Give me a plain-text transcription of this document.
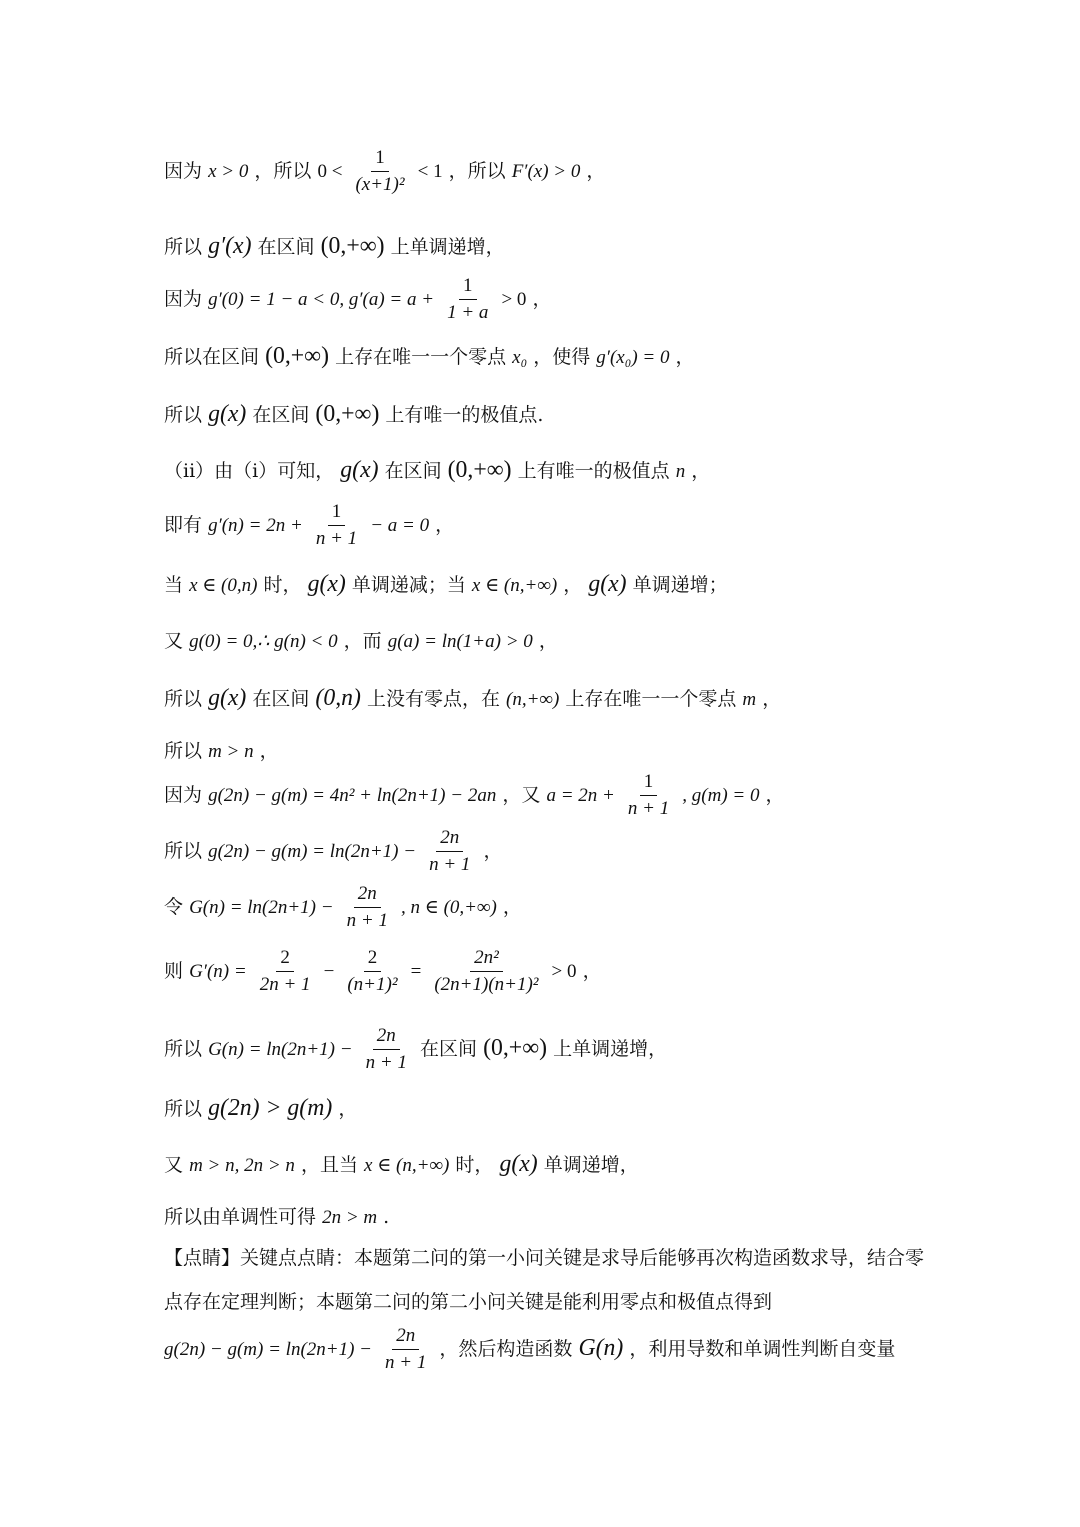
因为 x > 0 ，所以 $0 < \frac{1}{\text{(x+1)²}} < 1$ ，所以 F′(x) > 0 ，
所以 g′(x) 在区间 (0,+∞) 上单调递增，
因为 g′(0) = 1 − a < 0, $g'(a) = a + \frac{1}{1 + a} > 0$ ，
所以在区间 (0,+∞) 上存在唯一一个零点 x₀ ，使得 g′(x₀) = 0 ，
所以 g(x) 在区间 (0,+∞) 上有唯一的极值点.
（ii）由（i）可知， g(x) 在区间 (0,+∞) 上有唯一的极值点 n ，
即有 $g'(n) = 2n + \frac{1}{n + 1} - a = 0$ ，
当 x ∈ (0,n) 时， g(x) 单调递减；当 x ∈ (n,+∞) ， g(x) 单调递增；
又 g(0) = 0,∴ g(n) < 0 ，而 g(a) = ln(1+a) > 0 ，
所以 g(x) 在区间 (0,n) 上没有零点，在 (n,+∞) 上存在唯一一个零点 m ，
所以 m > n ，
因为 g(2n) − g(m) = 4n² + ln(2n+1) − 2an ，又 $a = 2n + \frac{1}{n + 1}$ , g(m) = 0 ，
所以 $g(2n) - g(m) = \ln(2n+1) - \frac{2n}{n + 1}$ ，
令 $G(n) = \ln(2n+1) - \frac{2n}{n + 1}$ , n ∈ (0,+∞) ，
则 $G'(n) = \frac{2}{2n + 1} - \frac{2}{\text{(n+1)²}} = \frac{\text{2n²}}{\text{(2n+1)(n+1)²}} > 0$ ，
所以 $G(n) = \ln(2n+1) - \frac{2n}{n + 1}$ 在区间 (0,+∞) 上单调递增，
所以 g(2n) > g(m) ，
又 m > n, 2n > n ，且当 x ∈ (n,+∞) 时， g(x) 单调递增，
所以由单调性可得 2n > m .
【点睛】关键点点睛：本题第二问的第一小问关键是求导后能够再次构造函数求导，结合零点存在定理判断；本题第二问的第二小问关键是能利用零点和极值点得到
$g(2n) - g(m) = \ln(2n+1) - \frac{2n}{n + 1}$ ，然后构造函数 G(n) ，利用导数和单调性判断自变量
